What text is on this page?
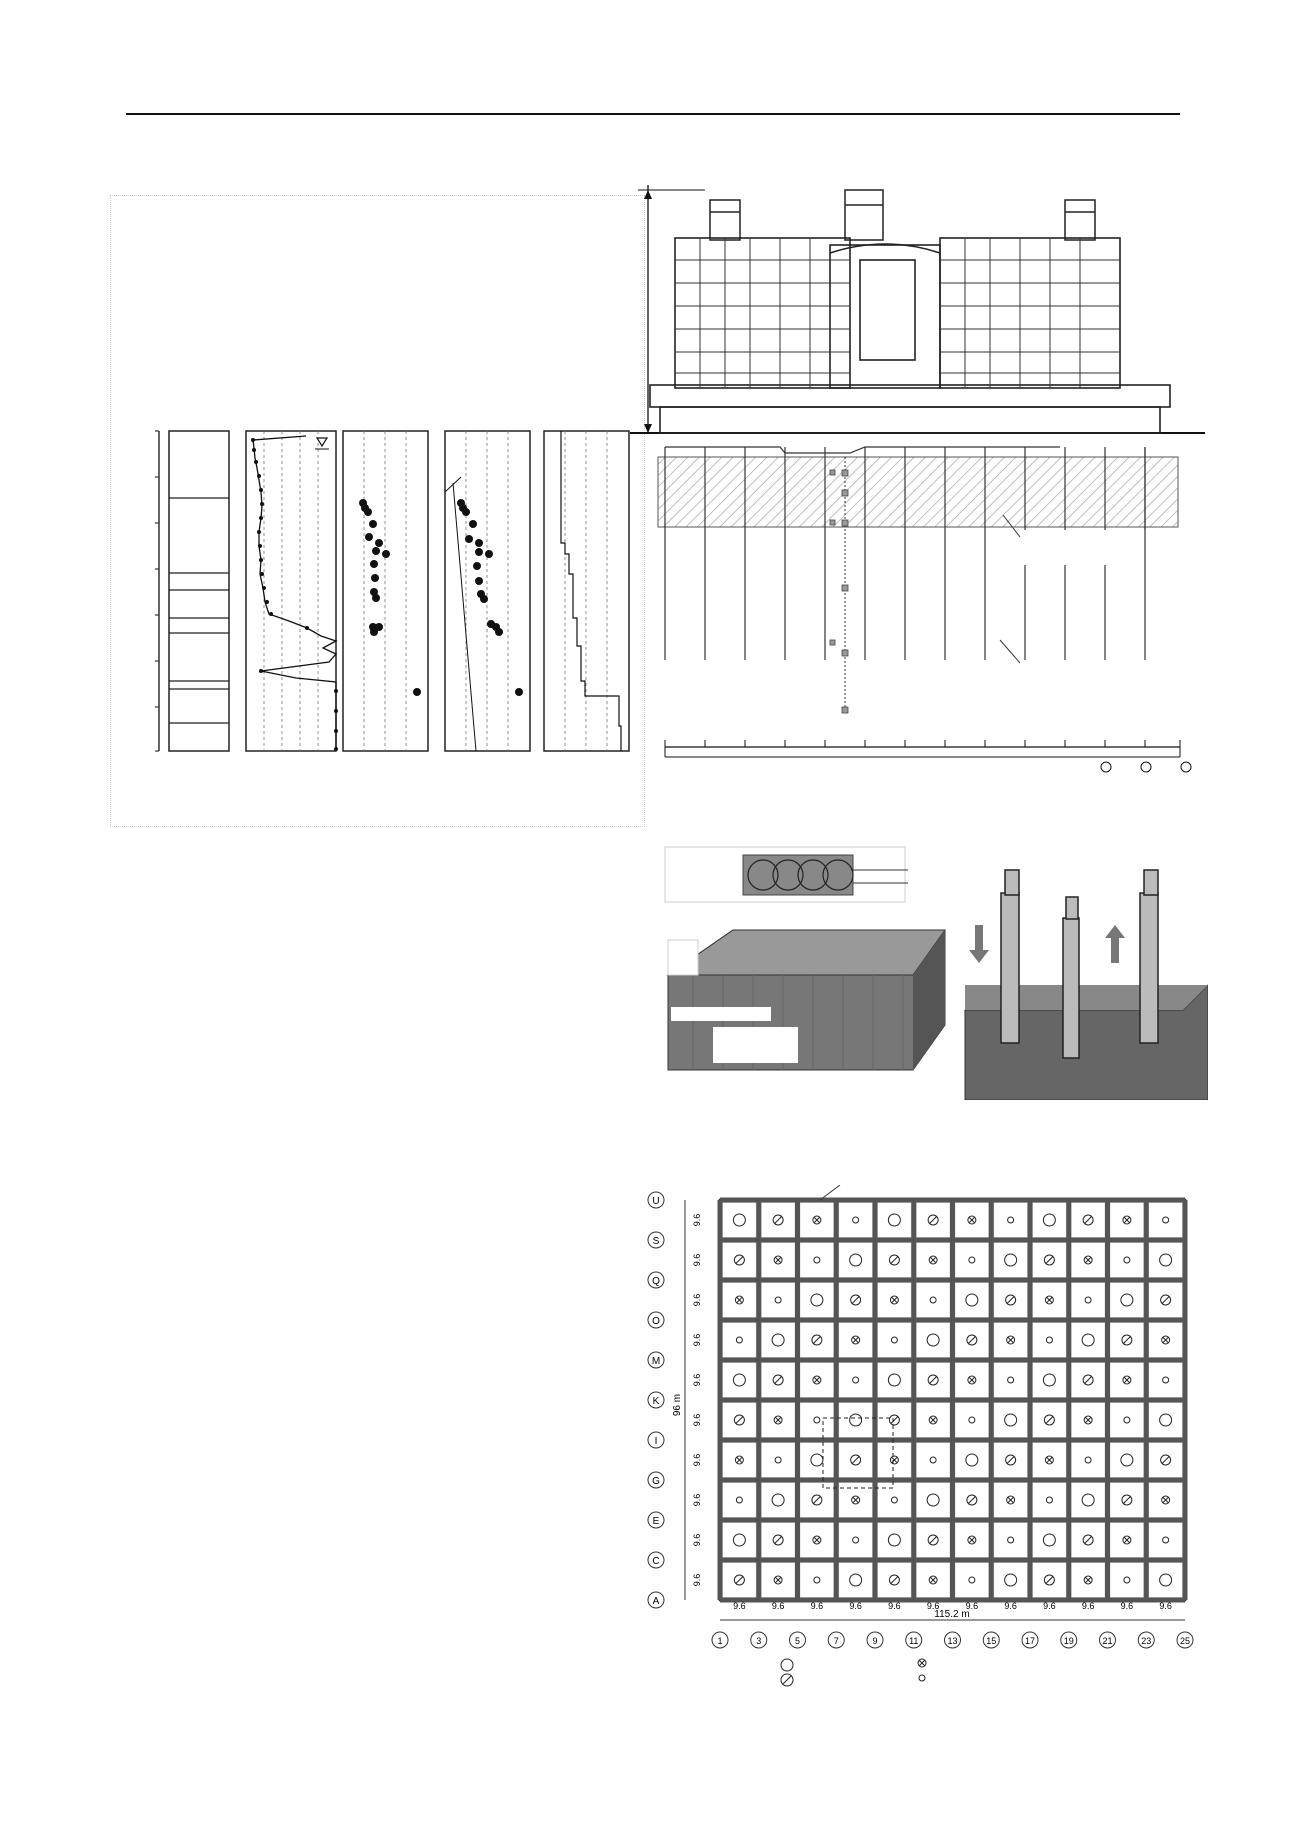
U
9.6
S
9.6
Q
9.6
O
9.6
M
9.6
K
9.6
I
9.6
G
9.6
E
9.6
C
9.6
A
96 m
9.6	9.6	9.6	9.6	9.6	9.6	9.6	9.6	9.6	9.6	9.6	9.6
115.2 m
1	3	5	7	9	11	13	15	17	19	21	23	25
